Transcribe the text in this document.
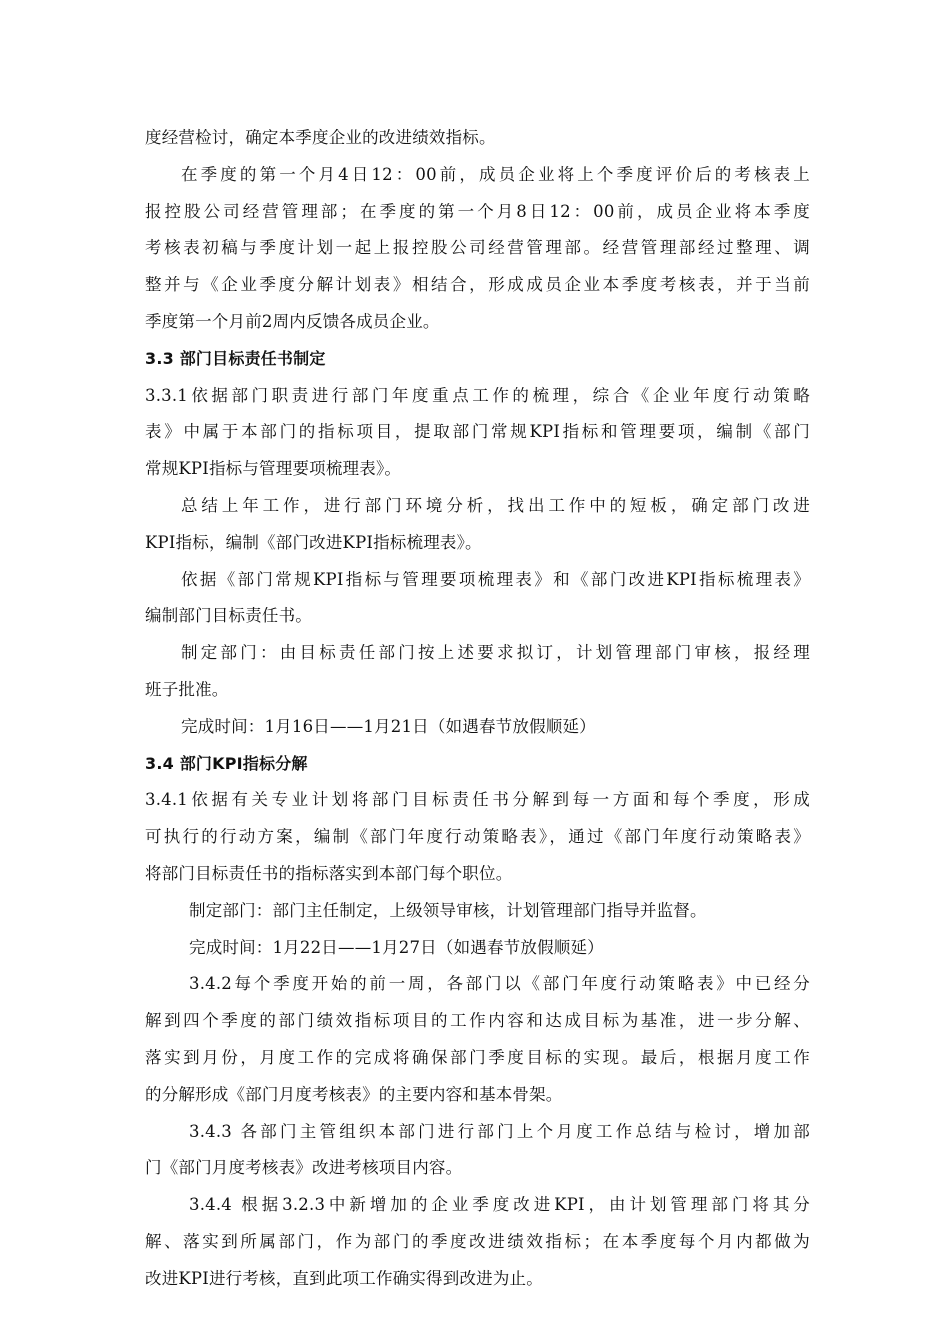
度经营检讨，确定本季度企业的改进绩效指标。
在季度的第一个月4日12：00前，成员企业将上个季度评价后的考核表上
报控股公司经营管理部；在季度的第一个月8日12：00前，成员企业将本季度
考核表初稿与季度计划一起上报控股公司经营管理部。经营管理部经过整理、调
整并与《企业季度分解计划表》相结合，形成成员企业本季度考核表，并于当前
季度第一个月前2周内反馈各成员企业。
3.3 部门目标责任书制定
3.3.1依据部门职责进行部门年度重点工作的梳理，综合《企业年度行动策略
表》中属于本部门的指标项目，提取部门常规KPI指标和管理要项，编制《部门
常规KPI指标与管理要项梳理表》。
总结上年工作，进行部门环境分析，找出工作中的短板，确定部门改进
KPI指标，编制《部门改进KPI指标梳理表》。
依据《部门常规KPI指标与管理要项梳理表》和《部门改进KPI指标梳理表》
编制部门目标责任书。
制定部门：由目标责任部门按上述要求拟订，计划管理部门审核，报经理
班子批准。
完成时间：1月16日——1月21日（如遇春节放假顺延）
3.4 部门KPI指标分解
3.4.1依据有关专业计划将部门目标责任书分解到每一方面和每个季度，形成
可执行的行动方案，编制《部门年度行动策略表》，通过《部门年度行动策略表》
将部门目标责任书的指标落实到本部门每个职位。
制定部门：部门主任制定，上级领导审核，计划管理部门指导并监督。
完成时间：1月22日——1月27日（如遇春节放假顺延）
3.4.2每个季度开始的前一周，各部门以《部门年度行动策略表》中已经分
解到四个季度的部门绩效指标项目的工作内容和达成目标为基准，进一步分解、
落实到月份，月度工作的完成将确保部门季度目标的实现。最后，根据月度工作
的分解形成《部门月度考核表》的主要内容和基本骨架。
3.4.3 各部门主管组织本部门进行部门上个月度工作总结与检讨，增加部
门《部门月度考核表》改进考核项目内容。
3.4.4 根据3.2.3中新增加的企业季度改进KPI，由计划管理部门将其分
解、落实到所属部门，作为部门的季度改进绩效指标；在本季度每个月内都做为
改进KPI进行考核，直到此项工作确实得到改进为止。
